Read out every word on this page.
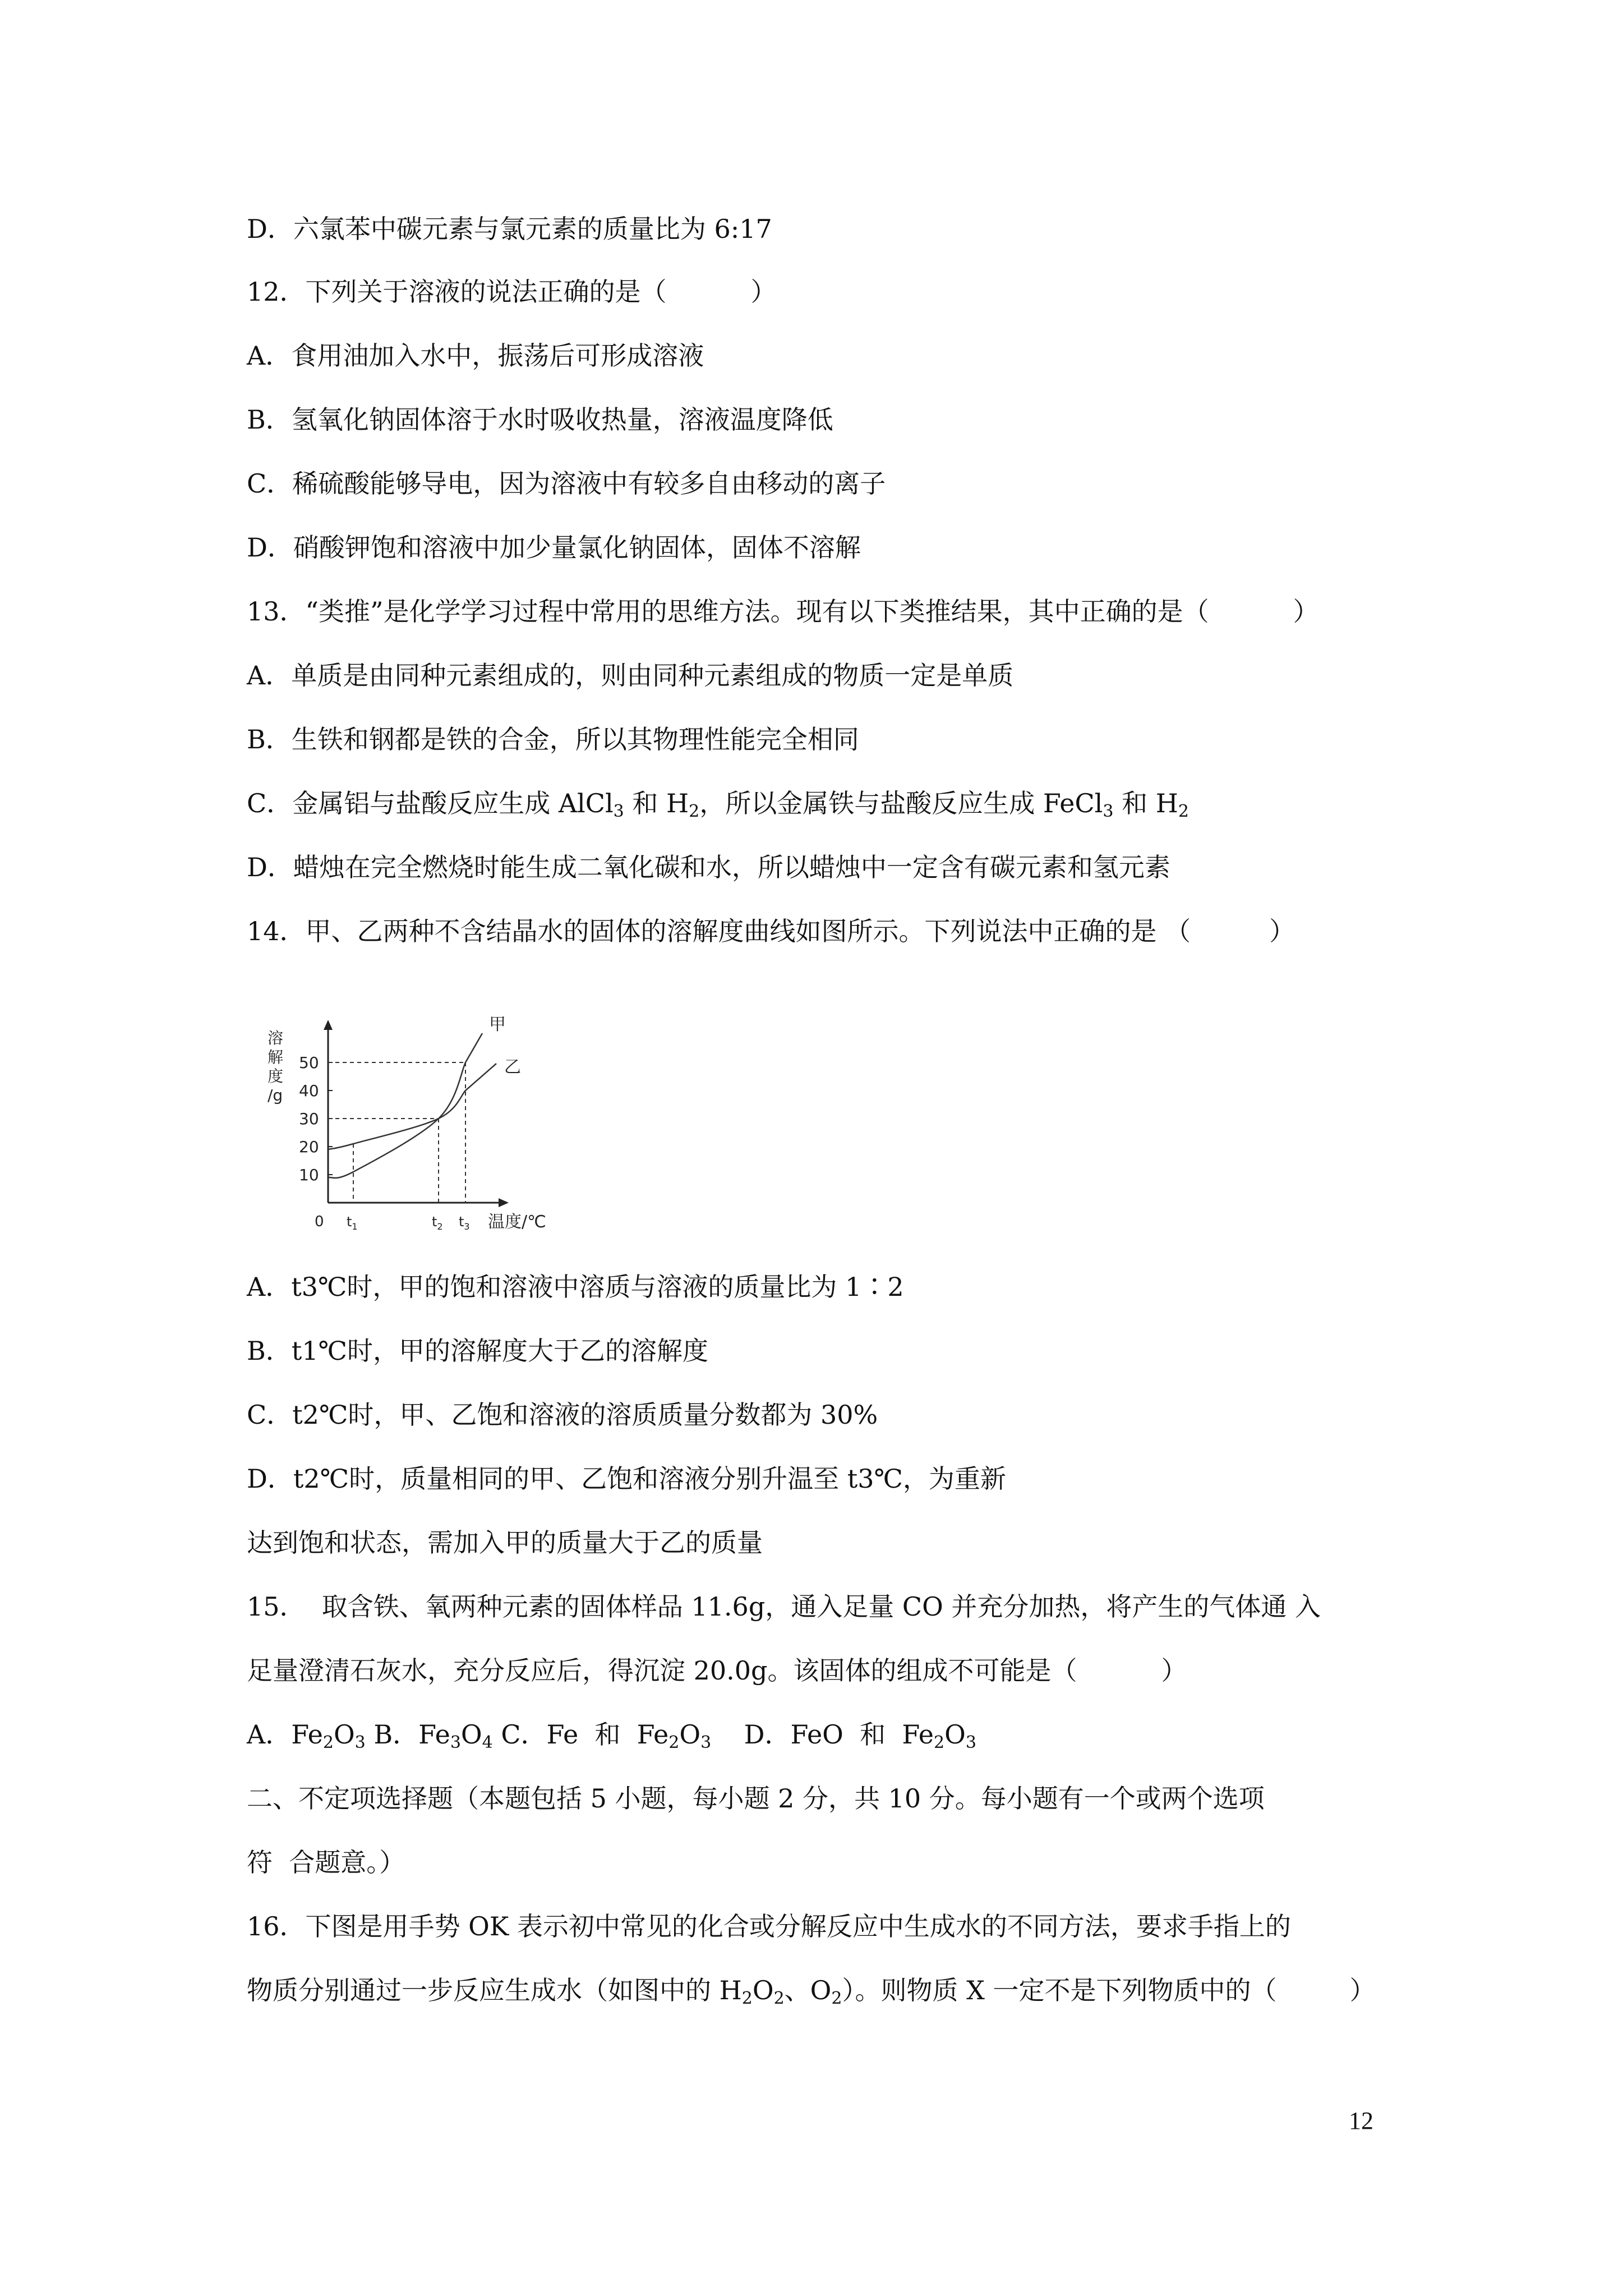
D．六氯苯中碳元素与氯元素的质量比为 6:17
12．下列关于溶液的说法正确的是（	）
A．食用油加入水中，振荡后可形成溶液
B．氢氧化钠固体溶于水时吸收热量，溶液温度降低
C．稀硫酸能够导电，因为溶液中有较多自由移动的离子
D．硝酸钾饱和溶液中加少量氯化钠固体，固体不溶解
13．“类推”是化学学习过程中常用的思维方法。现有以下类推结果，其中正确的是（	）
A．单质是由同种元素组成的，则由同种元素组成的物质一定是单质
B．生铁和钢都是铁的合金，所以其物理性能完全相同
C．金属铝与盐酸反应生成 AlCl$_3$ 和 $H_2$，所以金属铁与盐酸反应生成 FeCl$_3$ 和 $H_2$
D．蜡烛在完全燃烧时能生成二氧化碳和水，所以蜡烛中一定含有碳元素和氢元素
14．甲、乙两种不含结晶水的固体的溶解度曲线如图所示。下列说法中正确的是 （	）
溶
解
度
/g
50
40
30
20
10
甲
乙
$t_1$	$t_2$ $t_3$
0	温度/℃
A．t3℃时，甲的饱和溶液中溶质与溶液的质量比为 1∶2
B．t1℃时，甲的溶解度大于乙的溶解度
C．t2℃时，甲、乙饱和溶液的溶质质量分数都为 30%
D．t2℃时，质量相同的甲、乙饱和溶液分别升温至 t3℃，为重新
达到饱和状态，需加入甲的质量大于乙的质量
15．  取含铁、氧两种元素的固体样品 11.6g，通入足量 CO 并充分加热，将产生的气体通 入
足量澄清石灰水，充分反应后，得沉淀 20.0g。该固体的组成不可能是（	）
A．$Fe_2O_3$ B．$Fe_3O_4$ C．Fe  和  $Fe_2O_3$    D．FeO  和  $Fe_2O_3$
二、不定项选择题（本题包括 5 小题，每小题 2 分，共 10 分。每小题有一个或两个选项
符  合题意。）
16．下图是用手势 OK 表示初中常见的化合或分解反应中生成水的不同方法，要求手指上的
物质分别通过一步反应生成水（如图中的 $H_2O_2$、$O_2$）。则物质 X 一定不是下列物质中的（	）
12
